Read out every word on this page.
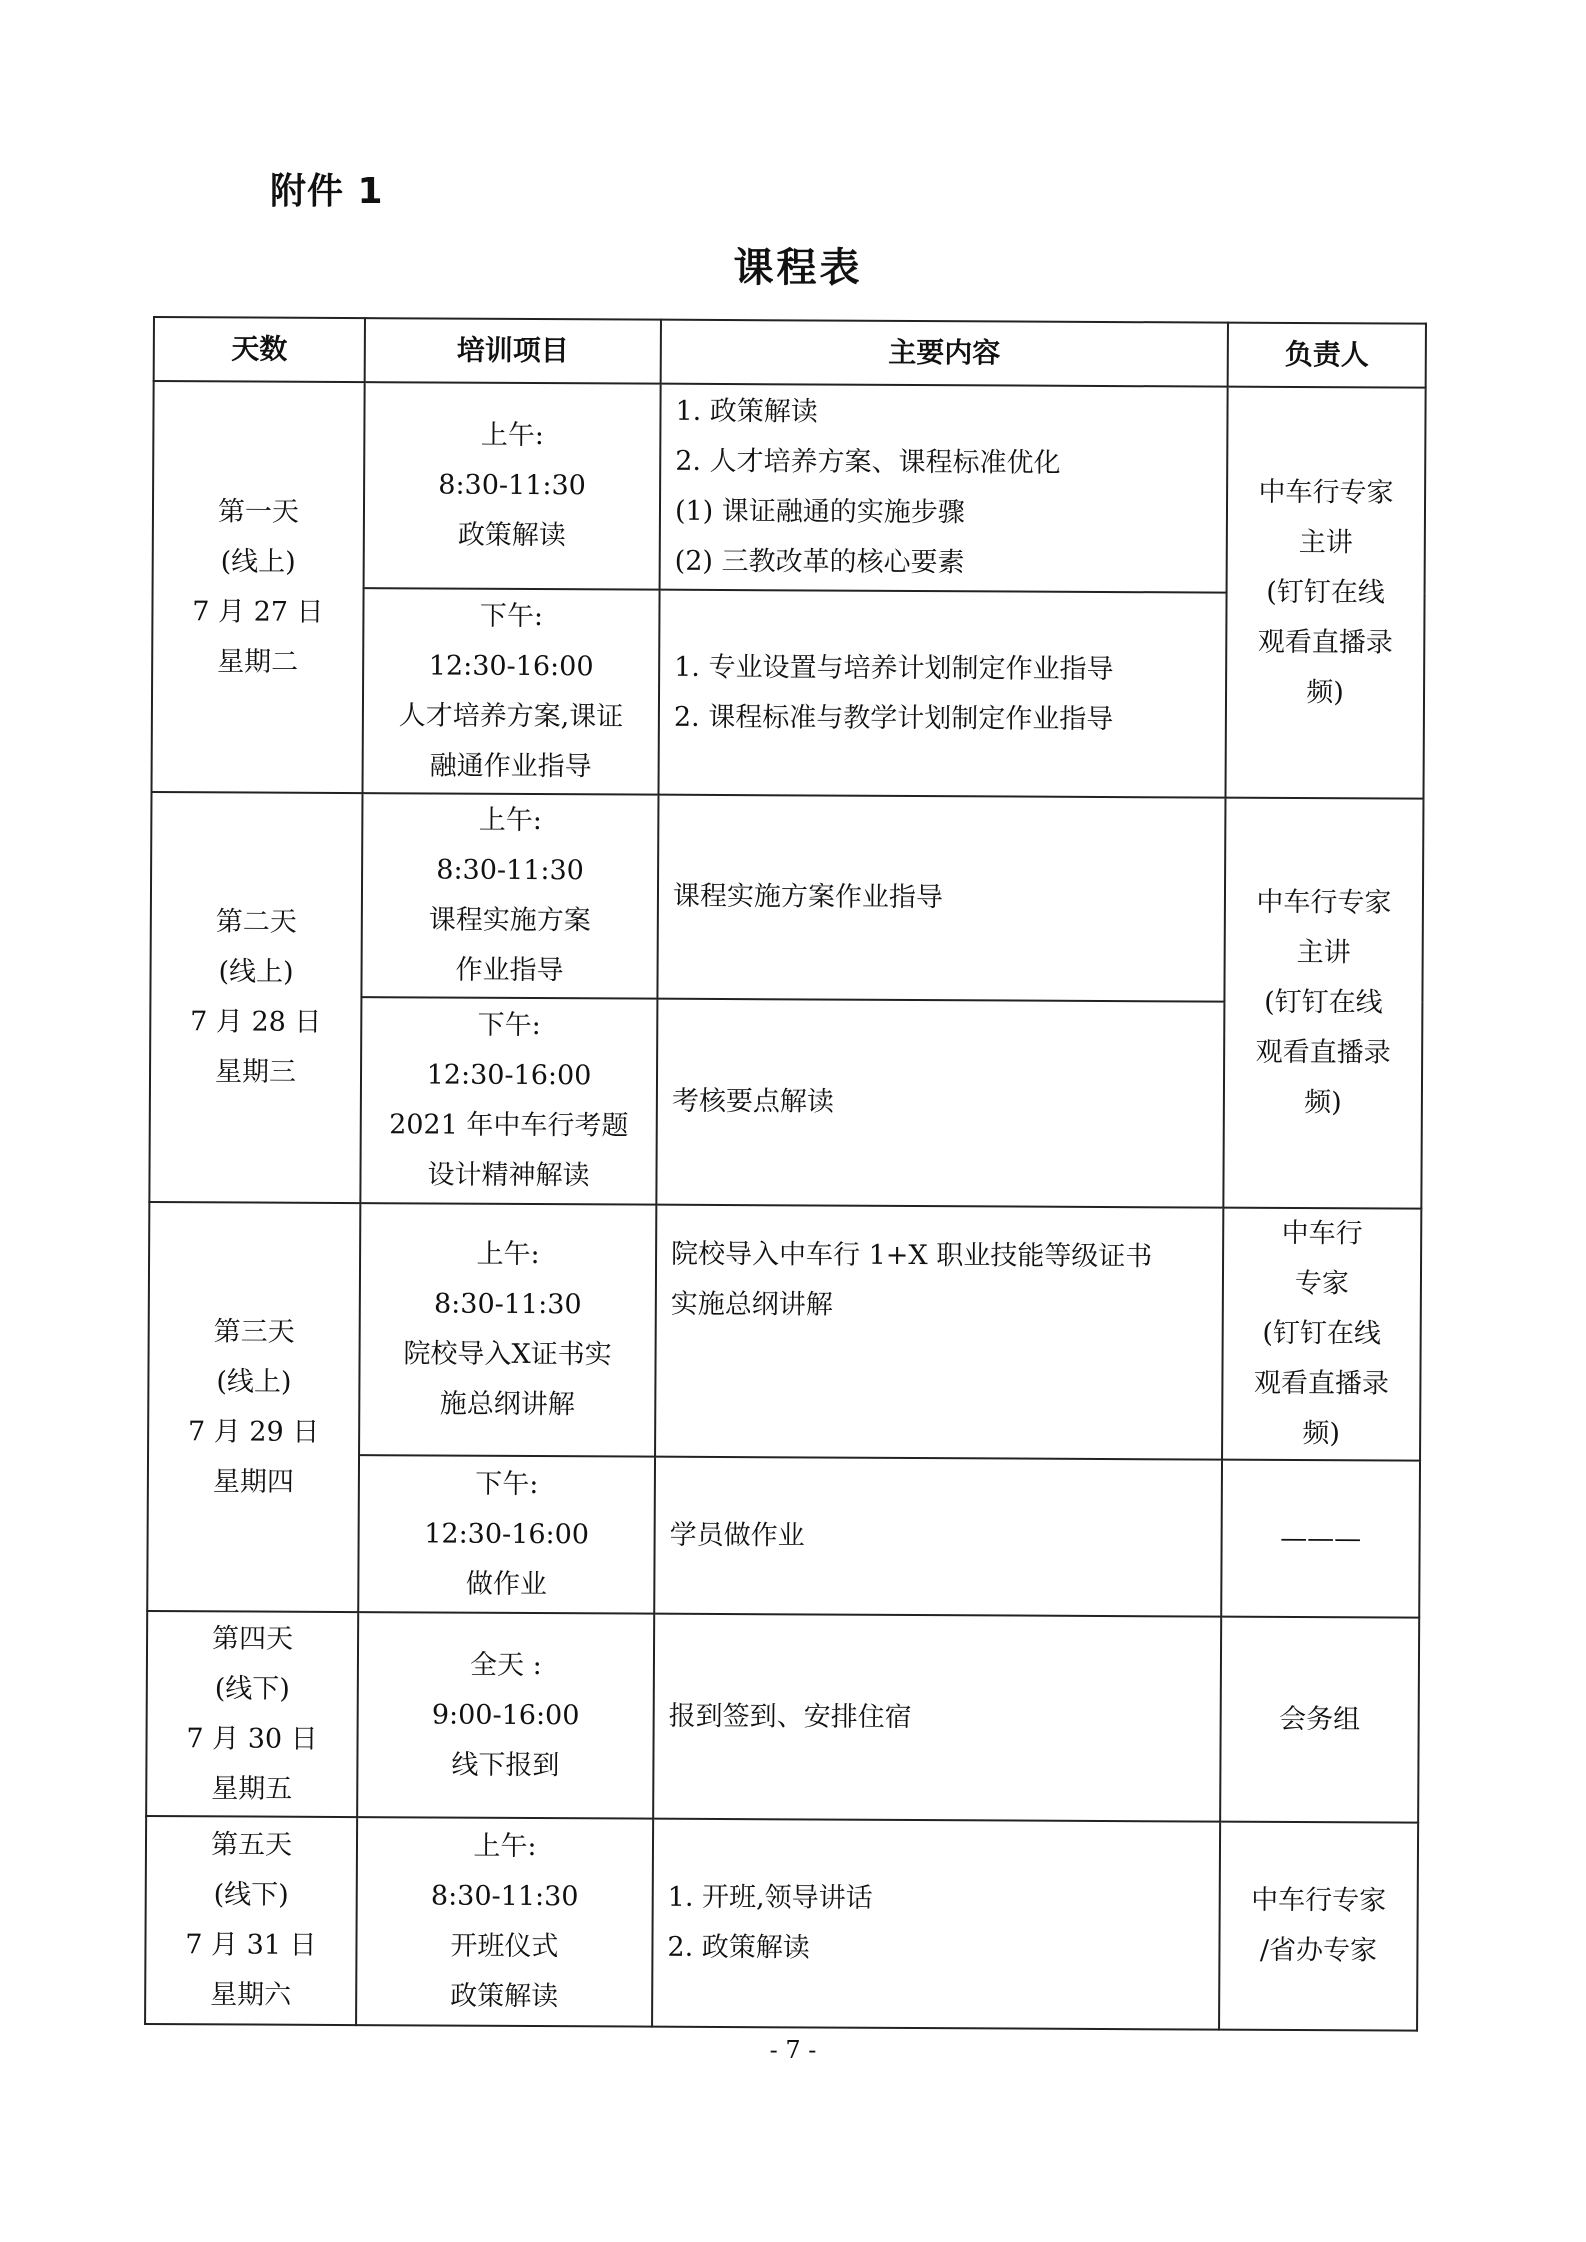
附件 1
课程表
天数	培训项目	主要内容	负责人

第一天
(线上)
7 月 27 日
星期二	上午:
8:30-11:30
政策解读	1. 政策解读
2. 人才培养方案、课程标准优化
(1) 课证融通的实施步骤
(2) 三教改革的核心要素	中车行专家
主讲
(钉钉在线
观看直播录
频)

	下午:
12:30-16:00
人才培养方案,课证
融通作业指导	1. 专业设置与培养计划制定作业指导
2. 课程标准与教学计划制定作业指导	

第二天
(线上)
7 月 28 日
星期三	上午:
8:30-11:30
课程实施方案
作业指导	课程实施方案作业指导	中车行专家
主讲
(钉钉在线
观看直播录
频)

	下午:
12:30-16:00
2021 年中车行考题
设计精神解读	考核要点解读	

第三天
(线上)
7 月 29 日
星期四	上午:
8:30-11:30
院校导入X证书实
施总纲讲解	院校导入中车行 1+X 职业技能等级证书
实施总纲讲解	中车行
专家
(钉钉在线
观看直播录
频)

	下午:
12:30-16:00
做作业	学员做作业	———

第四天
(线下)
7 月 30 日
星期五	全天 :
9:00-16:00
线下报到	报到签到、安排住宿	会务组

第五天
(线下)
7 月 31 日
星期六	上午:
8:30-11:30
开班仪式
政策解读	1. 开班,领导讲话
2. 政策解读	中车行专家
/省办专家
- 7 -
